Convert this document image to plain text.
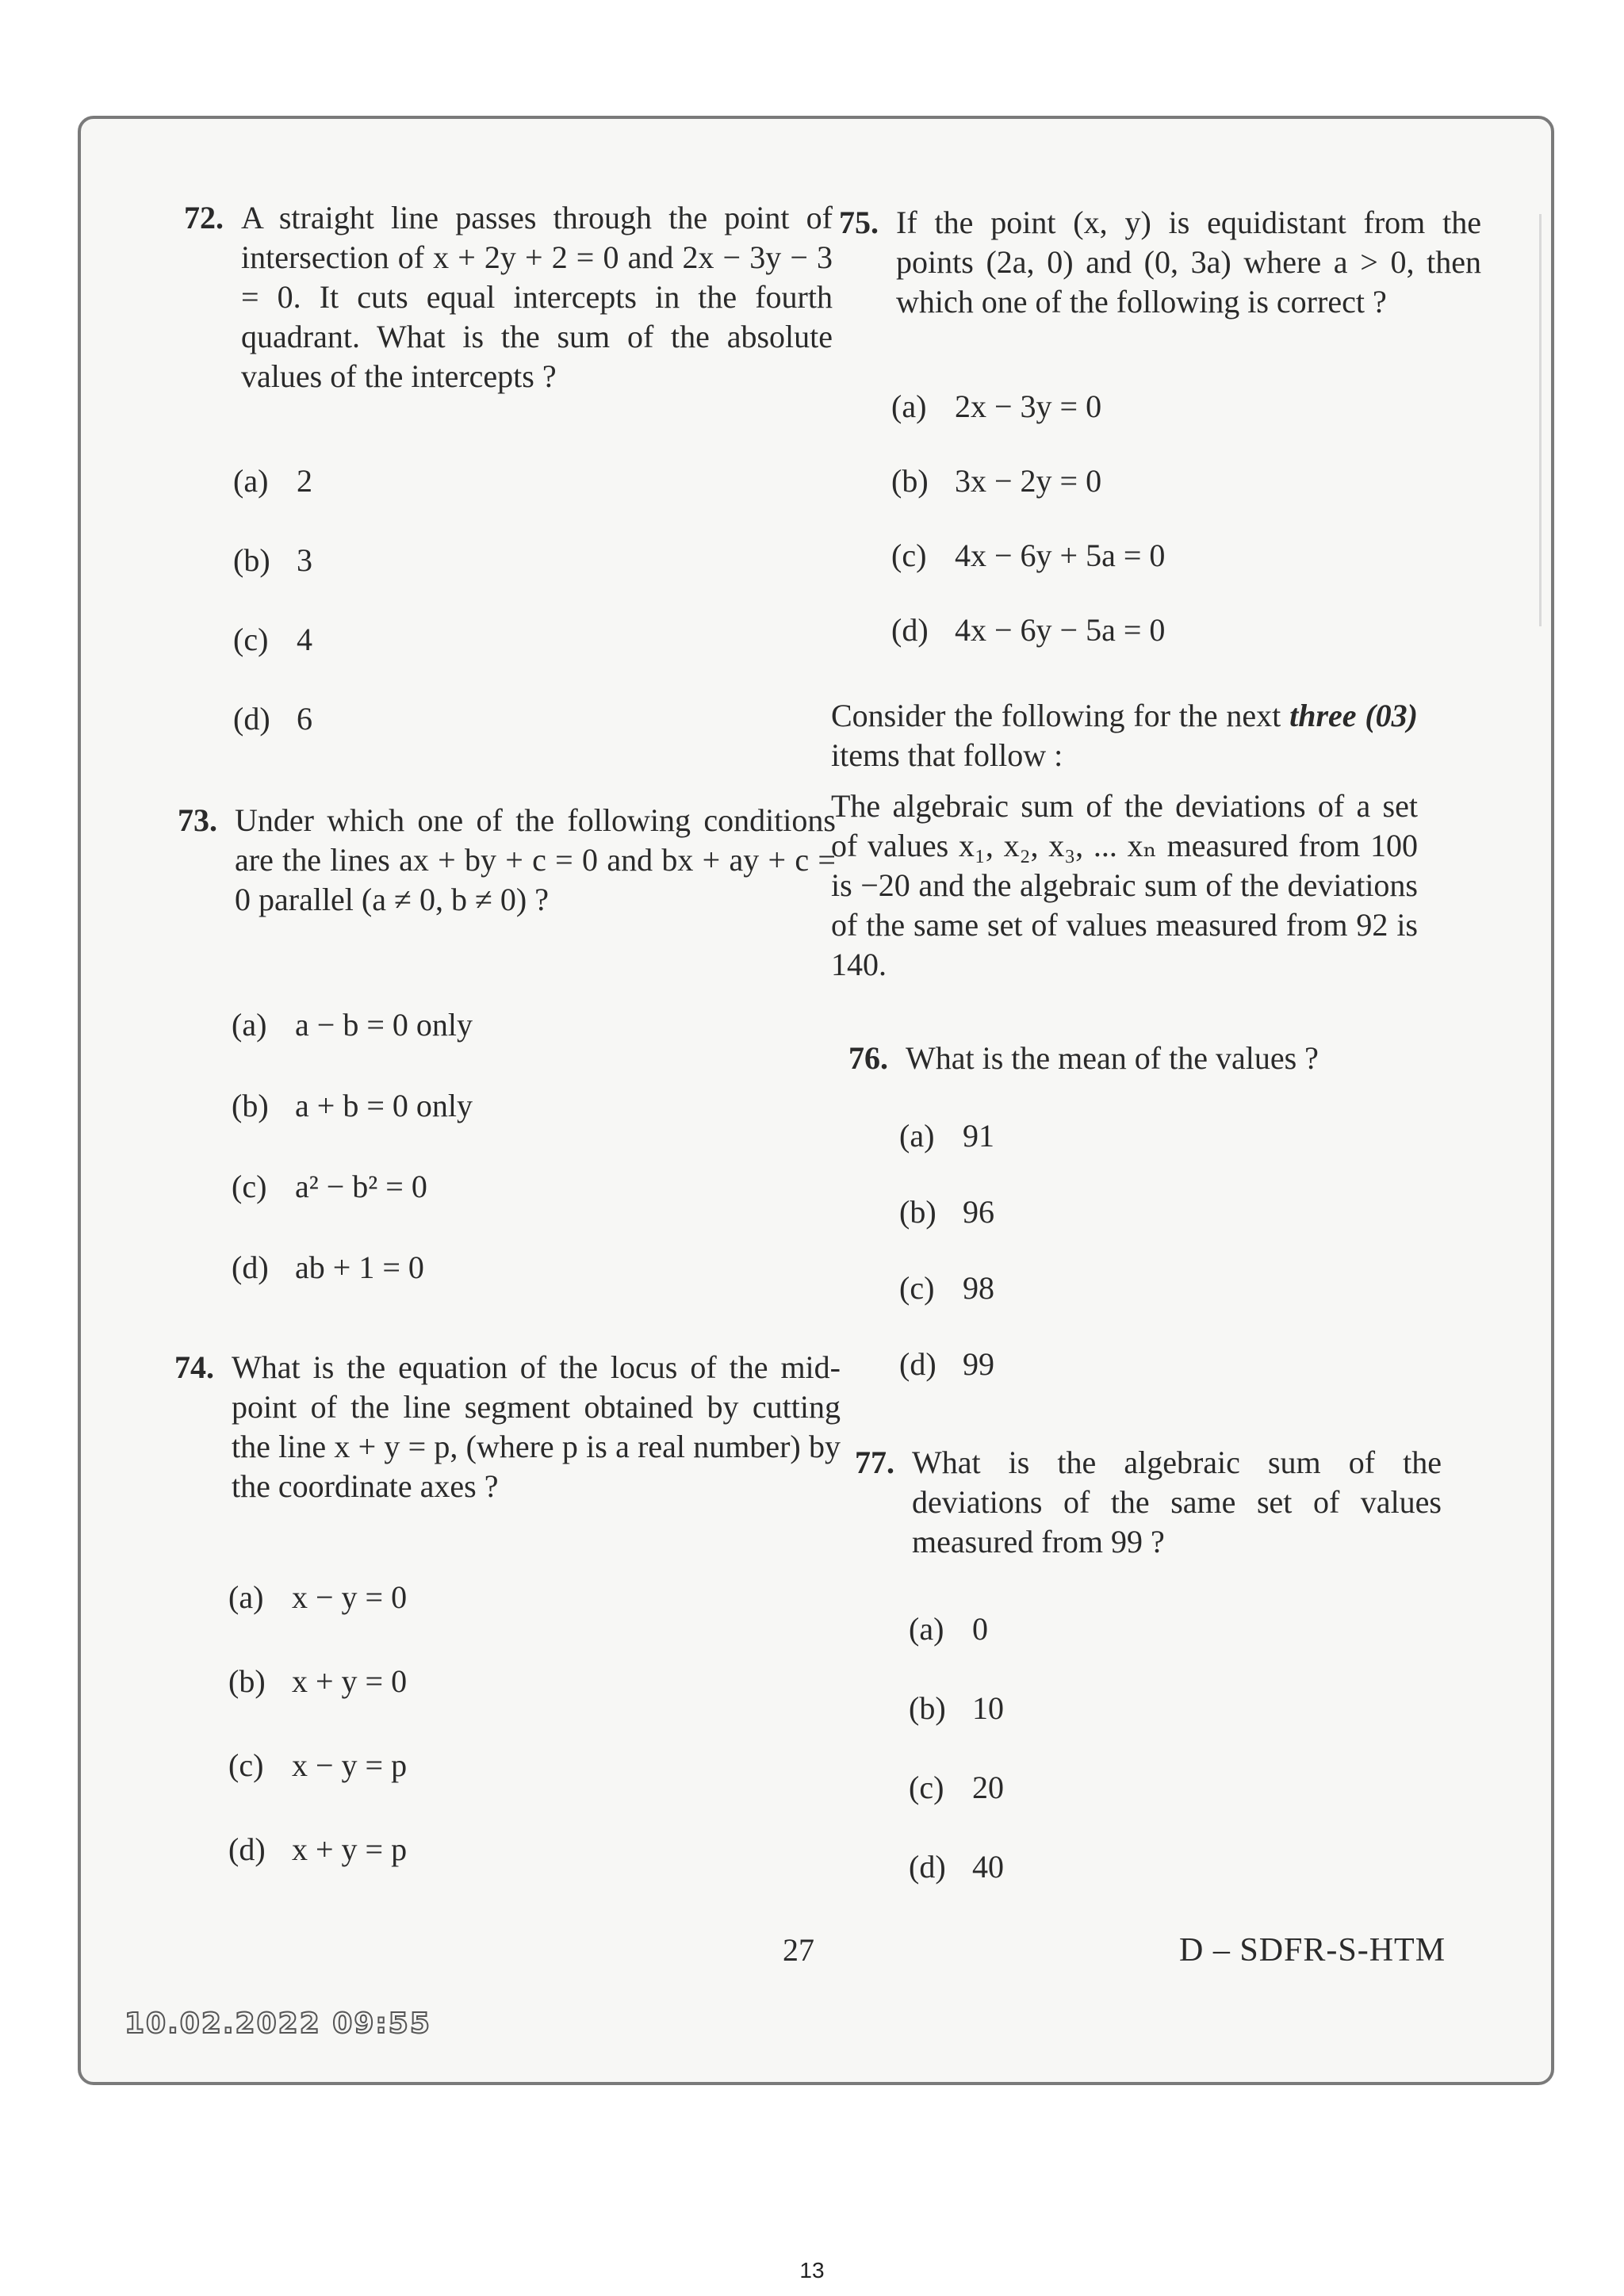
72. A straight line passes through the point of intersection of x + 2y + 2 = 0 and 2x − 3y − 3 = 0. It cuts equal intercepts in the fourth quadrant. What is the sum of the absolute values of the intercepts ?
(a) 2
(b) 3
(c) 4
(d) 6
73. Under which one of the following conditions are the lines ax + by + c = 0 and bx + ay + c = 0 parallel (a ≠ 0, b ≠ 0) ?
(a) a − b = 0 only
(b) a + b = 0 only
(c) a² − b² = 0
(d) ab + 1 = 0
74. What is the equation of the locus of the mid-point of the line segment obtained by cutting the line x + y = p, (where p is a real number) by the coordinate axes ?
(a) x − y = 0
(b) x + y = 0
(c) x − y = p
(d) x + y = p
75. If the point (x, y) is equidistant from the points (2a, 0) and (0, 3a) where a > 0, then which one of the following is correct ?
(a) 2x − 3y = 0
(b) 3x − 2y = 0
(c) 4x − 6y + 5a = 0
(d) 4x − 6y − 5a = 0
Consider the following for the next three (03) items that follow :
The algebraic sum of the deviations of a set of values x₁, x₂, x₃, ... xₙ measured from 100 is −20 and the algebraic sum of the deviations of the same set of values measured from 92 is 140.
76. What is the mean of the values ?
(a) 91
(b) 96
(c) 98
(d) 99
77. What is the algebraic sum of the deviations of the same set of values measured from 99 ?
(a) 0
(b) 10
(c) 20
(d) 40
27	D – SDFR-S-HTM
10.02.2022 09:55
13
